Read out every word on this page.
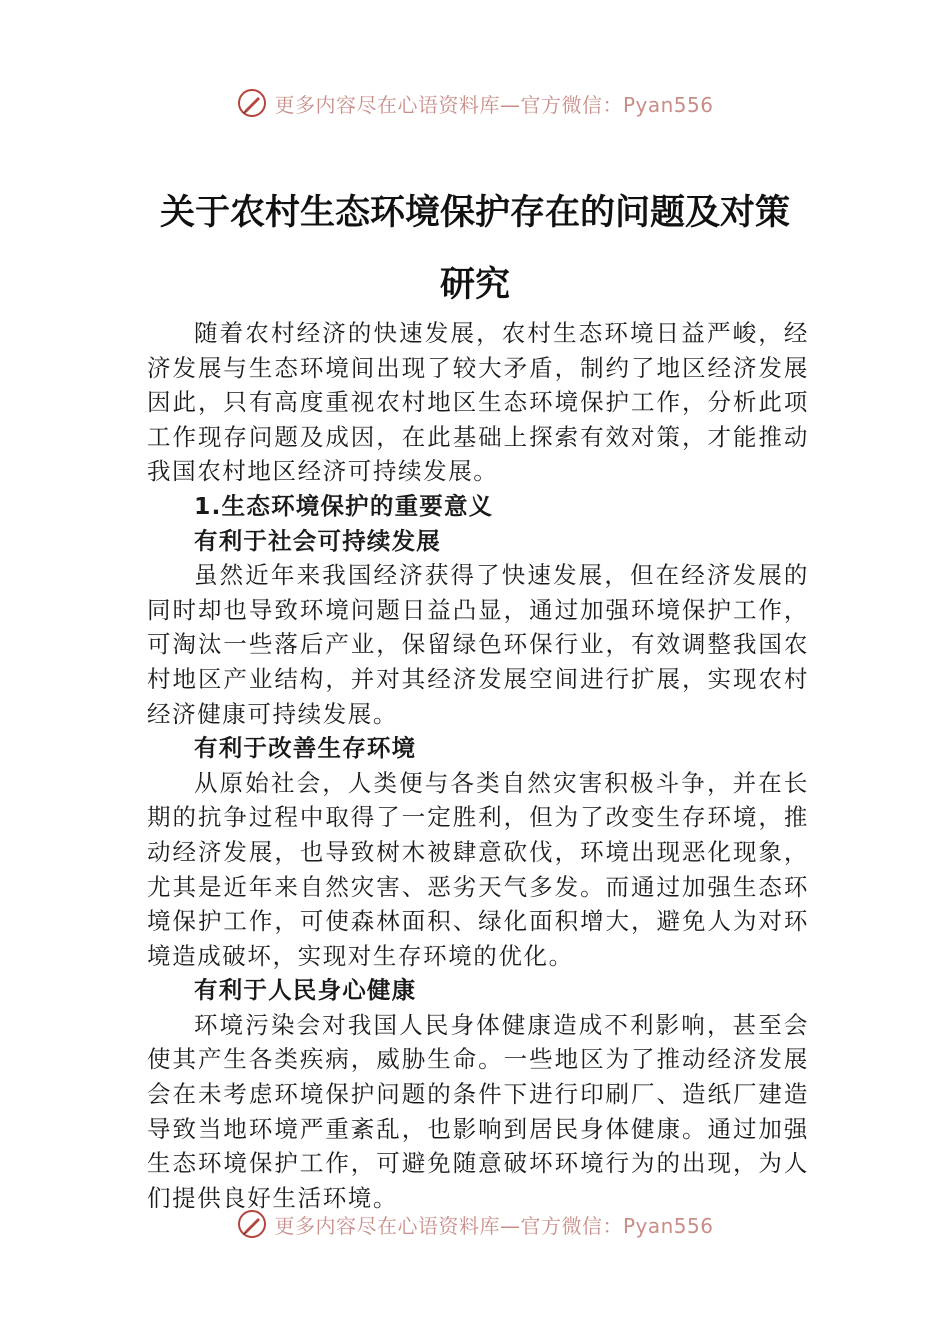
更多内容尽在心语资料库—官方微信：Pyan556
关于农村生态环境保护存在的问题及对策
研究

随着农村经济的快速发展，农村生态环境日益严峻，经济发展与生态环境间出现了较大矛盾，制约了地区经济发展因此，只有高度重视农村地区生态环境保护工作，分析此项工作现存问题及成因，在此基础上探索有效对策，才能推动我国农村地区经济可持续发展。

1.生态环境保护的重要意义
有利于社会可持续发展

虽然近年来我国经济获得了快速发展，但在经济发展的同时却也导致环境问题日益凸显，通过加强环境保护工作，可淘汰一些落后产业，保留绿色环保行业，有效调整我国农村地区产业结构，并对其经济发展空间进行扩展，实现农村经济健康可持续发展。

有利于改善生存环境

从原始社会，人类便与各类自然灾害积极斗争，并在长期的抗争过程中取得了一定胜利，但为了改变生存环境，推动经济发展，也导致树木被肆意砍伐，环境出现恶化现象，尤其是近年来自然灾害、恶劣天气多发。而通过加强生态环境保护工作，可使森林面积、绿化面积增大，避免人为对环境造成破坏，实现对生存环境的优化。

有利于人民身心健康

环境污染会对我国人民身体健康造成不利影响，甚至会使其产生各类疾病，威胁生命。一些地区为了推动经济发展会在未考虑环境保护问题的条件下进行印刷厂、造纸厂建造导致当地环境严重紊乱，也影响到居民身体健康。通过加强生态环境保护工作，可避免随意破坏环境行为的出现，为人们提供良好生活环境。

更多内容尽在心语资料库—官方微信：Pyan556
